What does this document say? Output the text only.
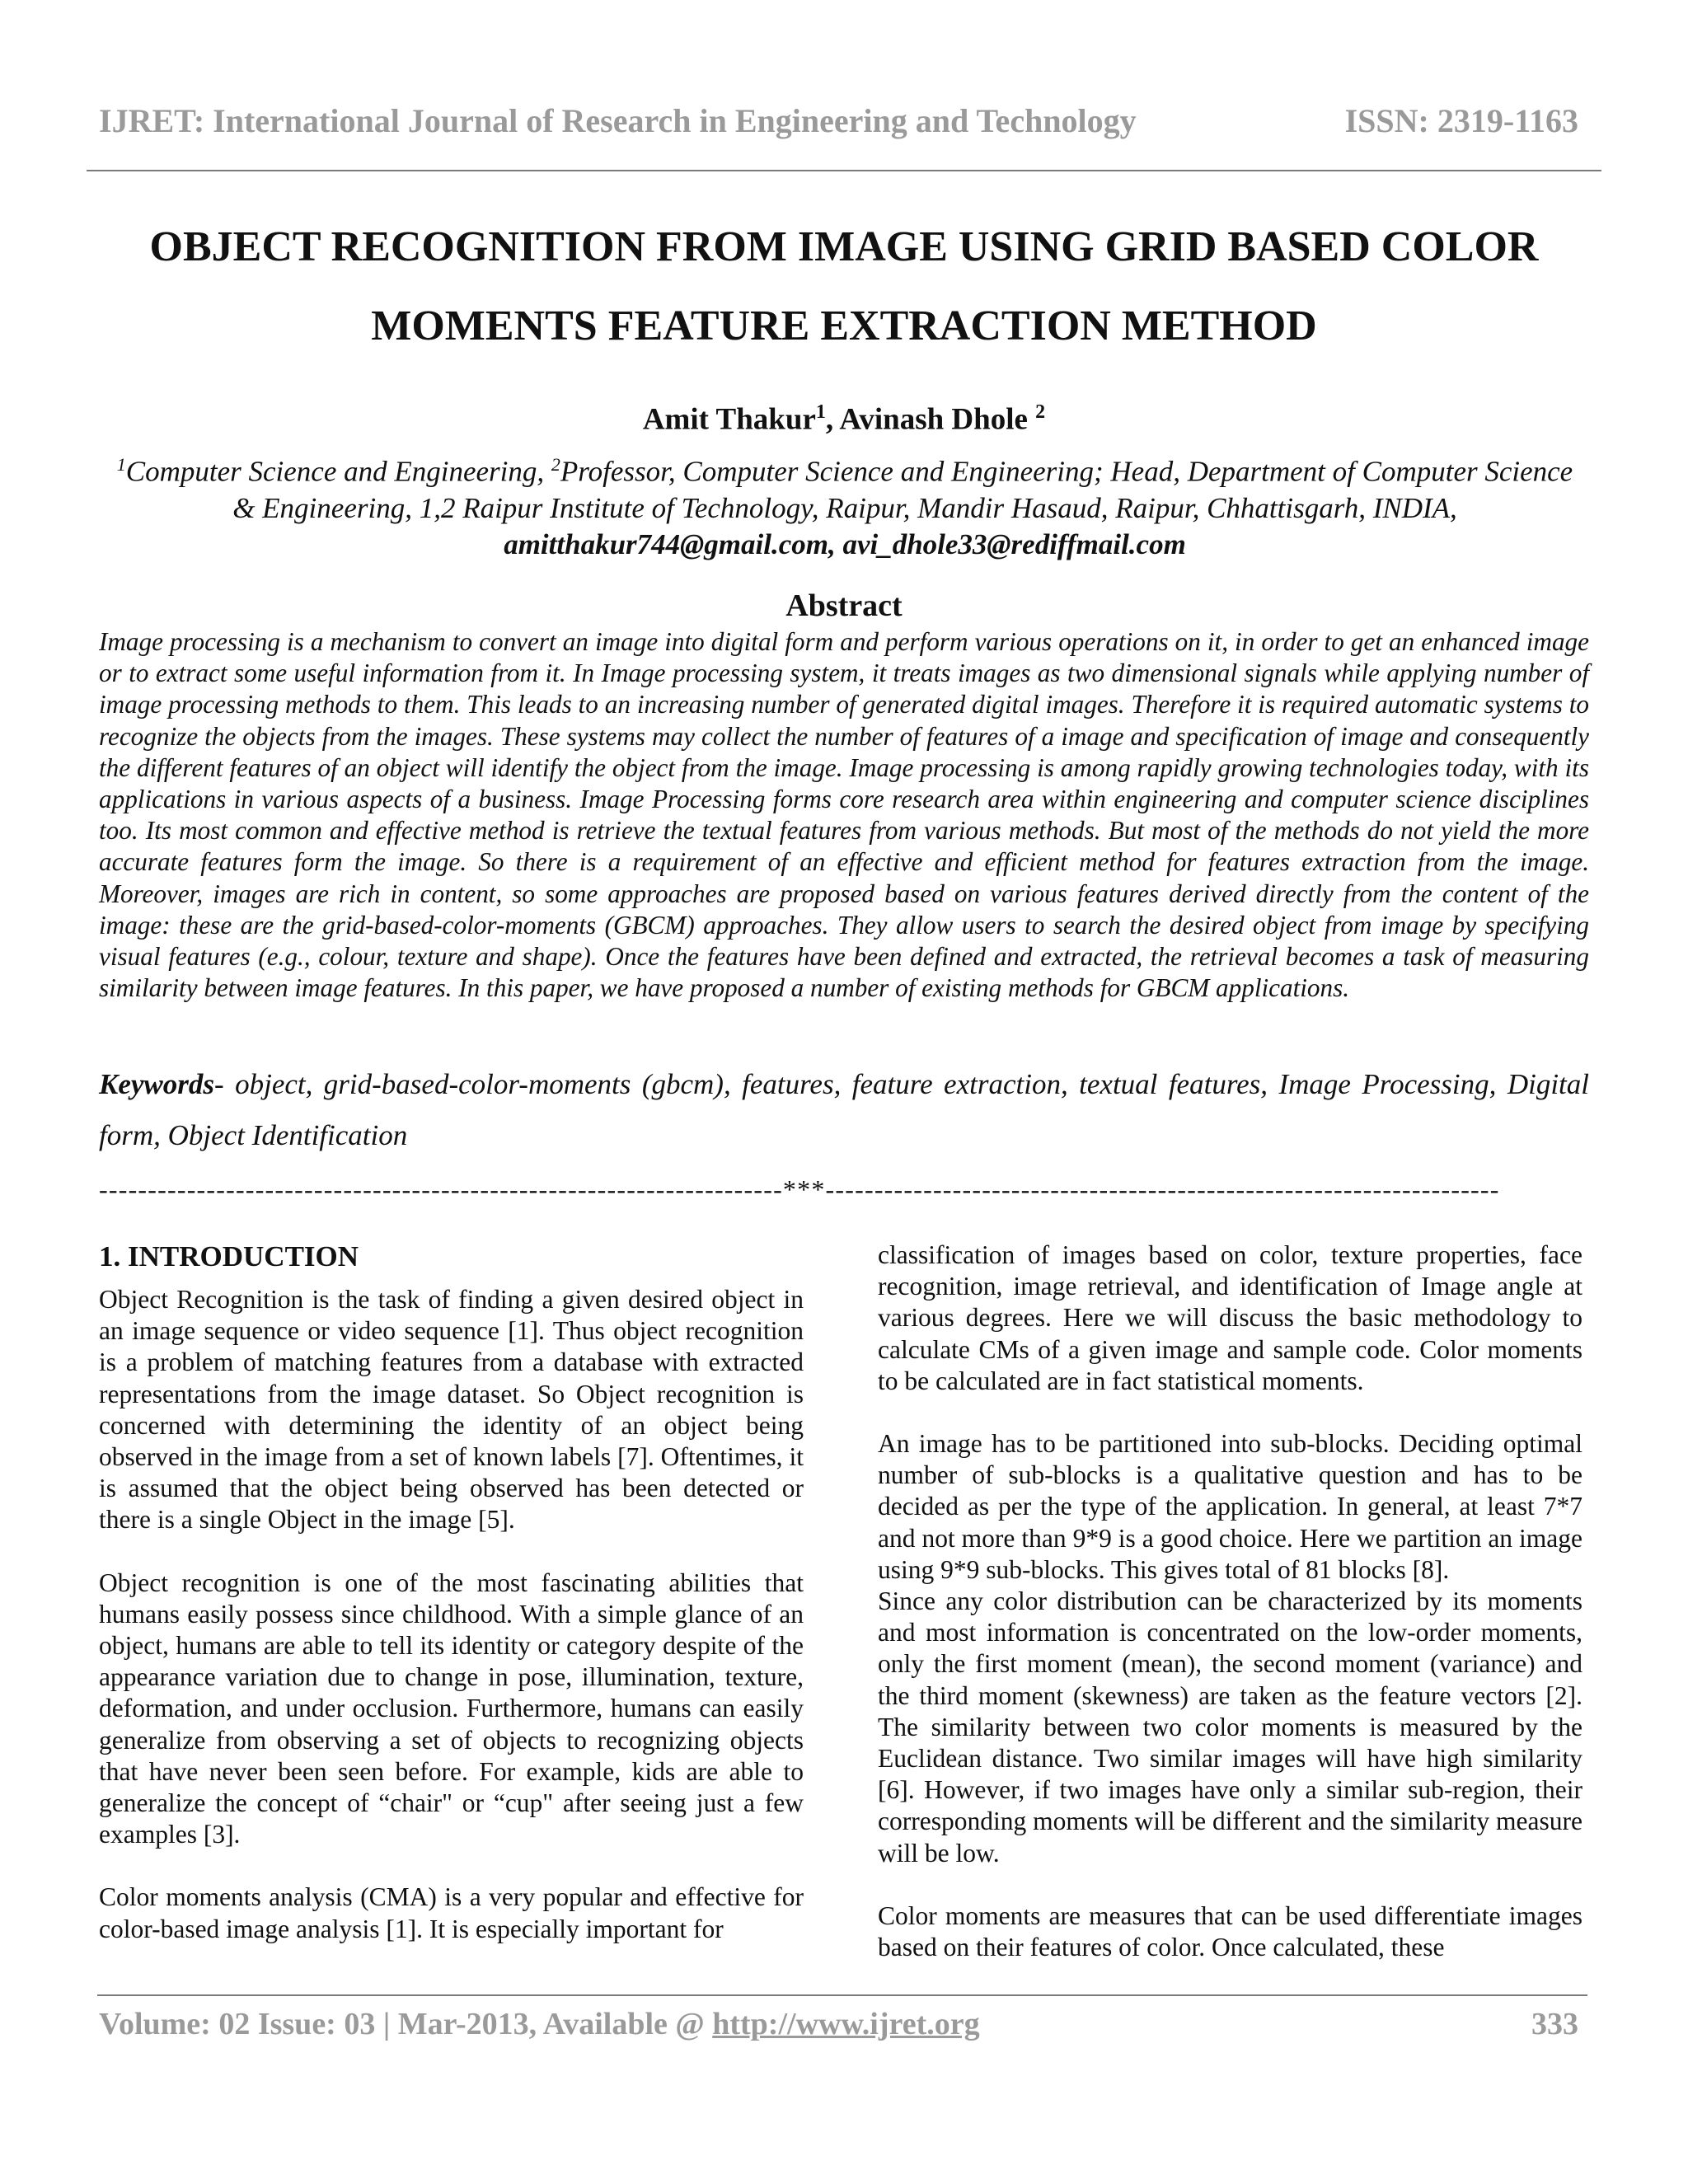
IJRET: International Journal of Research in Engineering and Technology	ISSN: 2319-1163
OBJECT RECOGNITION FROM IMAGE USING GRID BASED COLOR
MOMENTS FEATURE EXTRACTION METHOD
Amit Thakur$^1$, Avinash Dhole $^2$
$^1$Computer Science and Engineering, $^2$Professor, Computer Science and Engineering; Head, Department of Computer Science & Engineering, 1,2 Raipur Institute of Technology, Raipur, Mandir Hasaud, Raipur, Chhattisgarh, INDIA,
amitthakur744@gmail.com, avi_dhole33@rediffmail.com
Abstract
Image processing is a mechanism to convert an image into digital form and perform various operations on it, in order to get an enhanced image or to extract some useful information from it. In Image processing system, it treats images as two dimensional signals while applying number of image processing methods to them. This leads to an increasing number of generated digital images. Therefore it is required automatic systems to recognize the objects from the images. These systems may collect the number of features of a image and specification of image and consequently the different features of an object will identify the object from the image. Image processing is among rapidly growing technologies today, with its applications in various aspects of a business. Image Processing forms core research area within engineering and computer science disciplines too. Its most common and effective method is retrieve the textual features from various methods. But most of the methods do not yield the more accurate features form the image. So there is a requirement of an effective and efficient method for features extraction from the image. Moreover, images are rich in content, so some approaches are proposed based on various features derived directly from the content of the image: these are the grid-based-color-moments (GBCM) approaches. They allow users to search the desired object from image by specifying visual features (e.g., colour, texture and shape). Once the features have been defined and extracted, the retrieval becomes a task of measuring similarity between image features. In this paper, we have proposed a number of existing methods for GBCM applications.
Keywords- object, grid-based-color-moments (gbcm), features, feature extraction, textual features, Image Processing, Digital form, Object Identification
----------------------------------------------------------------------***---------------------------------------------------------------------
1. INTRODUCTION

Object Recognition is the task of finding a given desired object in an image sequence or video sequence [1]. Thus object recognition is a problem of matching features from a database with extracted representations from the image dataset. So Object recognition is concerned with determining the identity of an object being observed in the image from a set of known labels [7]. Oftentimes, it is assumed that the object being observed has been detected or there is a single Object in the image [5].

Object recognition is one of the most fascinating abilities that humans easily possess since childhood. With a simple glance of an object, humans are able to tell its identity or category despite of the appearance variation due to change in pose, illumination, texture, deformation, and under occlusion. Furthermore, humans can easily generalize from observing a set of objects to recognizing objects that have never been seen before. For example, kids are able to generalize the concept of “chair" or “cup" after seeing just a few examples [3].

Color moments analysis (CMA) is a very popular and effective for color-based image analysis [1]. It is especially important for

classification of images based on color, texture properties, face recognition, image retrieval, and identification of Image angle at various degrees. Here we will discuss the basic methodology to calculate CMs of a given image and sample code. Color moments to be calculated are in fact statistical moments.

An image has to be partitioned into sub-blocks. Deciding optimal number of sub-blocks is a qualitative question and has to be decided as per the type of the application. In general, at least 7*7 and not more than 9*9 is a good choice. Here we partition an image using 9*9 sub-blocks. This gives total of 81 blocks [8].

Since any color distribution can be characterized by its moments and most information is concentrated on the low-order moments, only the first moment (mean), the second moment (variance) and the third moment (skewness) are taken as the feature vectors [2]. The similarity between two color moments is measured by the Euclidean distance. Two similar images will have high similarity [6]. However, if two images have only a similar sub-region, their corresponding moments will be different and the similarity measure will be low.

Color moments are measures that can be used differentiate images based on their features of color. Once calculated, these

Volume: 02 Issue: 03 | Mar-2013, Available @ http://www.ijret.org	333
